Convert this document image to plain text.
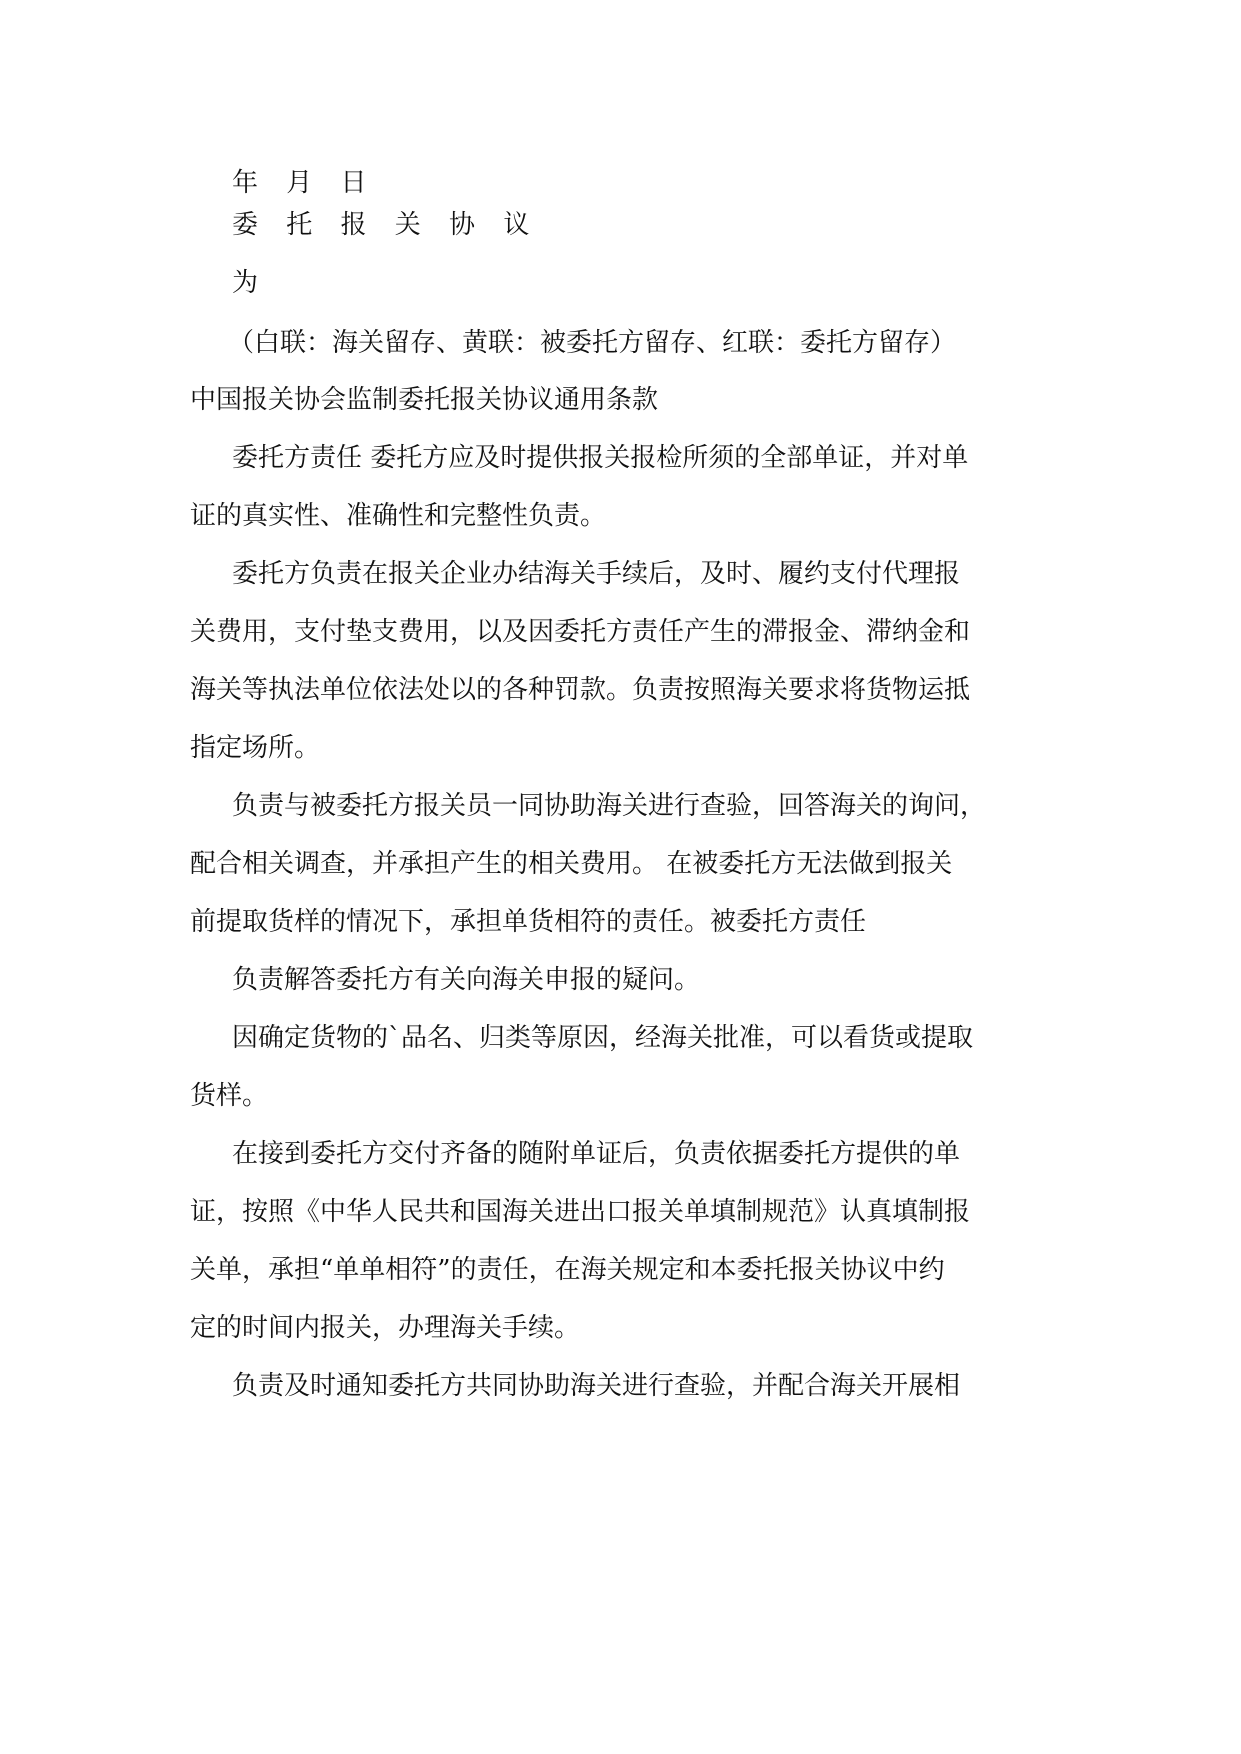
年 月 日

委 托 报 关 协 议

为

（白联：海关留存、黄联：被委托方留存、红联：委托方留存）

中国报关协会监制委托报关协议通用条款

委托方责任 委托方应及时提供报关报检所须的全部单证，并对单

证的真实性、准确性和完整性负责。

委托方负责在报关企业办结海关手续后，及时、履约支付代理报

关费用，支付垫支费用，以及因委托方责任产生的滞报金、滞纳金和

海关等执法单位依法处以的各种罚款。负责按照海关要求将货物运抵

指定场所。

负责与被委托方报关员一同协助海关进行查验，回答海关的询问，

配合相关调查，并承担产生的相关费用。 在被委托方无法做到报关

前提取货样的情况下，承担单货相符的责任。被委托方责任

负责解答委托方有关向海关申报的疑问。

因确定货物的`品名、归类等原因，经海关批准，可以看货或提取

货样。

在接到委托方交付齐备的随附单证后，负责依据委托方提供的单

证，按照《中华人民共和国海关进出口报关单填制规范》认真填制报

关单，承担“单单相符”的责任，在海关规定和本委托报关协议中约

定的时间内报关，办理海关手续。

负责及时通知委托方共同协助海关进行查验，并配合海关开展相
